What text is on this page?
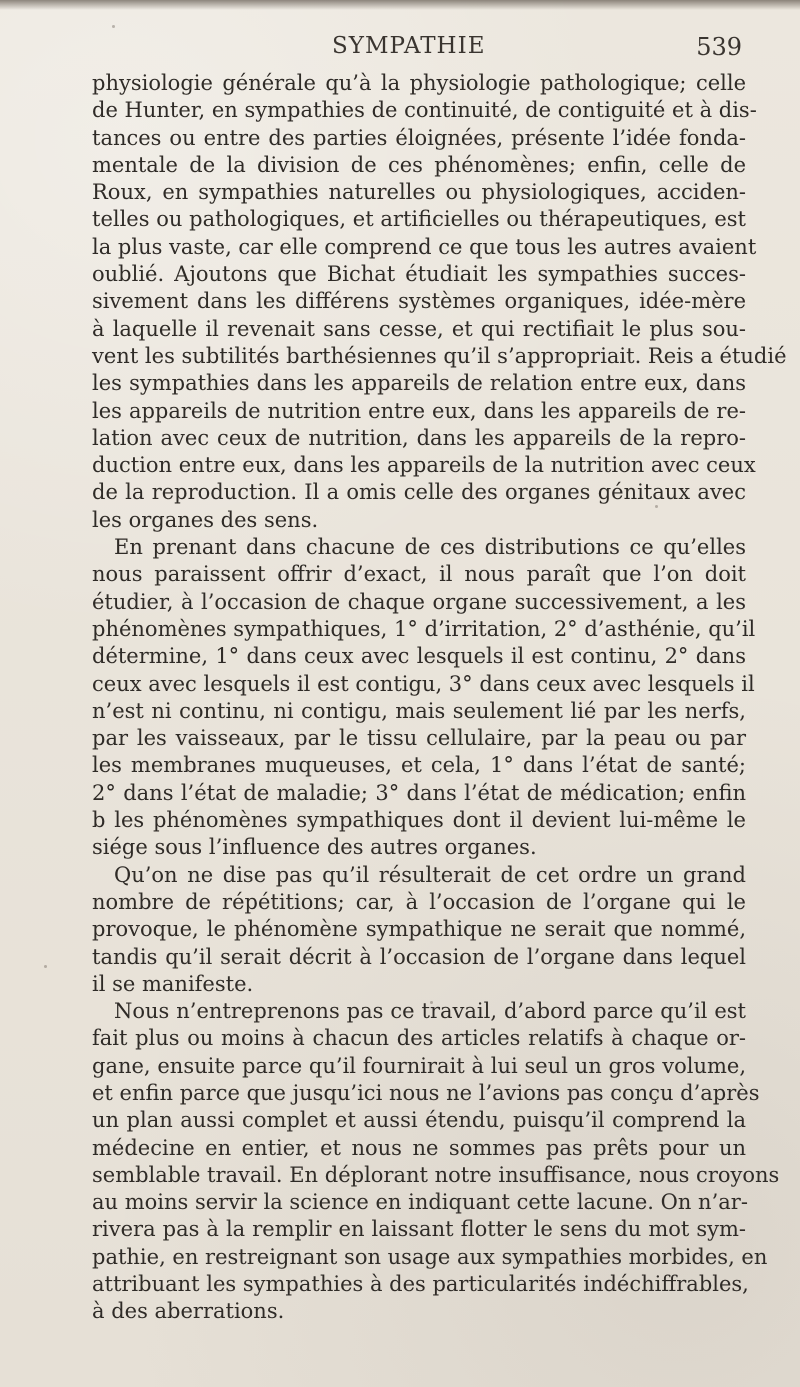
SYMPATHIE	539
physiologie générale qu’à la physiologie pathologique; celle
de Hunter, en sympathies de continuité, de contiguité et à dis-
tances ou entre des parties éloignées, présente l’idée fonda-
mentale de la division de ces phénomènes; enfin, celle de
Roux, en sympathies naturelles ou physiologiques, acciden-
telles ou pathologiques, et artificielles ou thérapeutiques, est
la plus vaste, car elle comprend ce que tous les autres avaient
oublié. Ajoutons que Bichat étudiait les sympathies succes-
sivement dans les différens systèmes organiques, idée-mère
à laquelle il revenait sans cesse, et qui rectifiait le plus sou-
vent les subtilités barthésiennes qu’il s’appropriait. Reis a étudié
les sympathies dans les appareils de relation entre eux, dans
les appareils de nutrition entre eux, dans les appareils de re-
lation avec ceux de nutrition, dans les appareils de la repro-
duction entre eux, dans les appareils de la nutrition avec ceux
de la reproduction. Il a omis celle des organes génitaux avec
les organes des sens.
En prenant dans chacune de ces distributions ce qu’elles
nous paraissent offrir d’exact, il nous paraît que l’on doit
étudier, à l’occasion de chaque organe successivement, a les
phénomènes sympathiques, 1° d’irritation, 2° d’asthénie, qu’il
détermine, 1° dans ceux avec lesquels il est continu, 2° dans
ceux avec lesquels il est contigu, 3° dans ceux avec lesquels il
n’est ni continu, ni contigu, mais seulement lié par les nerfs,
par les vaisseaux, par le tissu cellulaire, par la peau ou par
les membranes muqueuses, et cela, 1° dans l’état de santé;
2° dans l’état de maladie; 3° dans l’état de médication; enfin
b les phénomènes sympathiques dont il devient lui-même le
siége sous l’influence des autres organes.
Qu’on ne dise pas qu’il résulterait de cet ordre un grand
nombre de répétitions; car, à l’occasion de l’organe qui le
provoque, le phénomène sympathique ne serait que nommé,
tandis qu’il serait décrit à l’occasion de l’organe dans lequel
il se manifeste.
Nous n’entreprenons pas ce travail, d’abord parce qu’il est
fait plus ou moins à chacun des articles relatifs à chaque or-
gane, ensuite parce qu’il fournirait à lui seul un gros volume,
et enfin parce que jusqu’ici nous ne l’avions pas conçu d’après
un plan aussi complet et aussi étendu, puisqu’il comprend la
médecine en entier, et nous ne sommes pas prêts pour un
semblable travail. En déplorant notre insuffisance, nous croyons
au moins servir la science en indiquant cette lacune. On n’ar-
rivera pas à la remplir en laissant flotter le sens du mot sym-
pathie, en restreignant son usage aux sympathies morbides, en
attribuant les sympathies à des particularités indéchiffrables,
à des aberrations.
